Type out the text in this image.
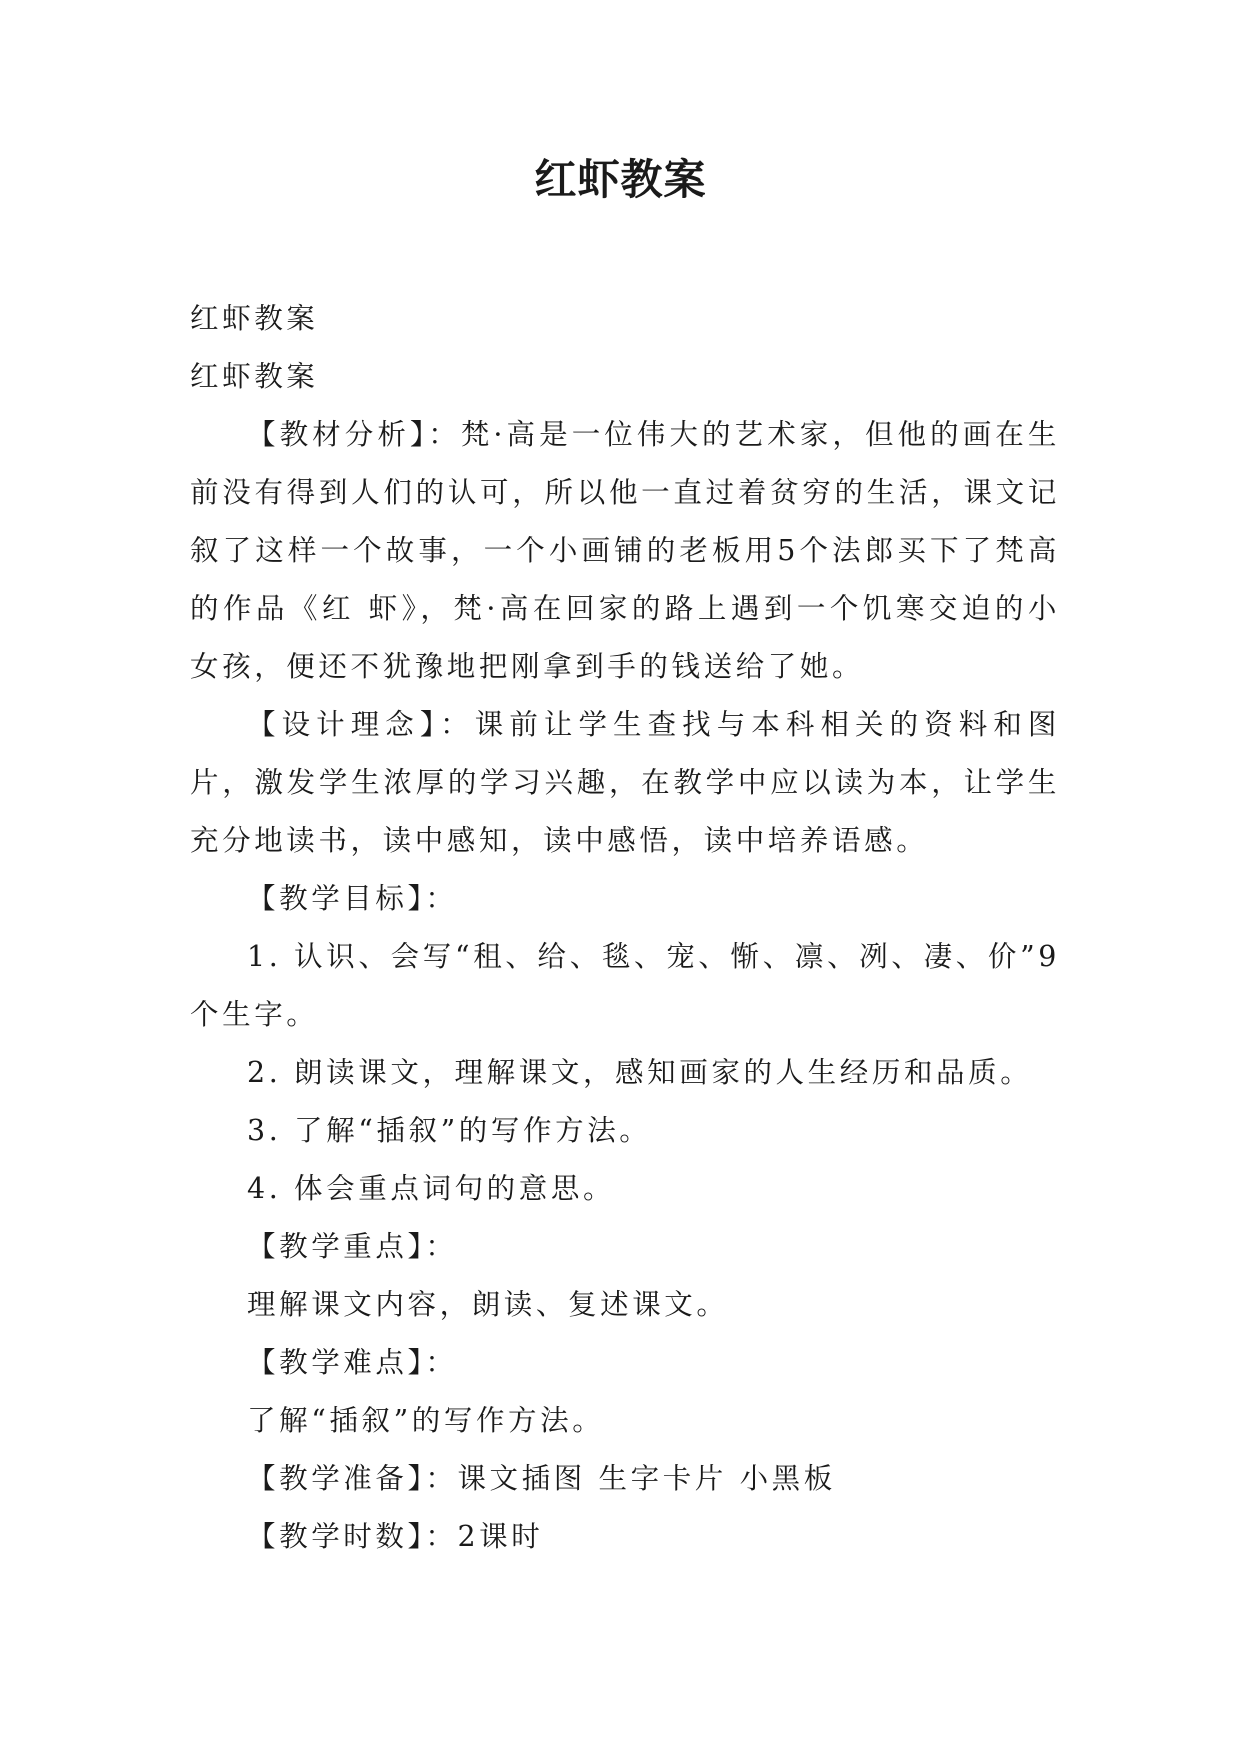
红虾教案

红虾教案

红虾教案

【教材分析】：梵·高是一位伟大的艺术家，但他的画在生前没有得到人们的认可，所以他一直过着贫穷的生活，课文记叙了这样一个故事，一个小画铺的老板用5个法郎买下了梵高的作品《红 虾》，梵·高在回家的路上遇到一个饥寒交迫的小女孩，便还不犹豫地把刚拿到手的钱送给了她。

【设计理念】：课前让学生查找与本科相关的资料和图片，激发学生浓厚的学习兴趣，在教学中应以读为本，让学生充分地读书，读中感知，读中感悟，读中培养语感。

【教学目标】：

1. 认识、会写“租、给、毯、宠、惭、凛、冽、凄、价”9个生字。

2. 朗读课文，理解课文，感知画家的人生经历和品质。

3. 了解“插叙”的写作方法。

4. 体会重点词句的意思。

【教学重点】：

理解课文内容，朗读、复述课文。

【教学难点】：

了解“插叙”的写作方法。

【教学准备】：课文插图 生字卡片 小黑板

【教学时数】：2课时
